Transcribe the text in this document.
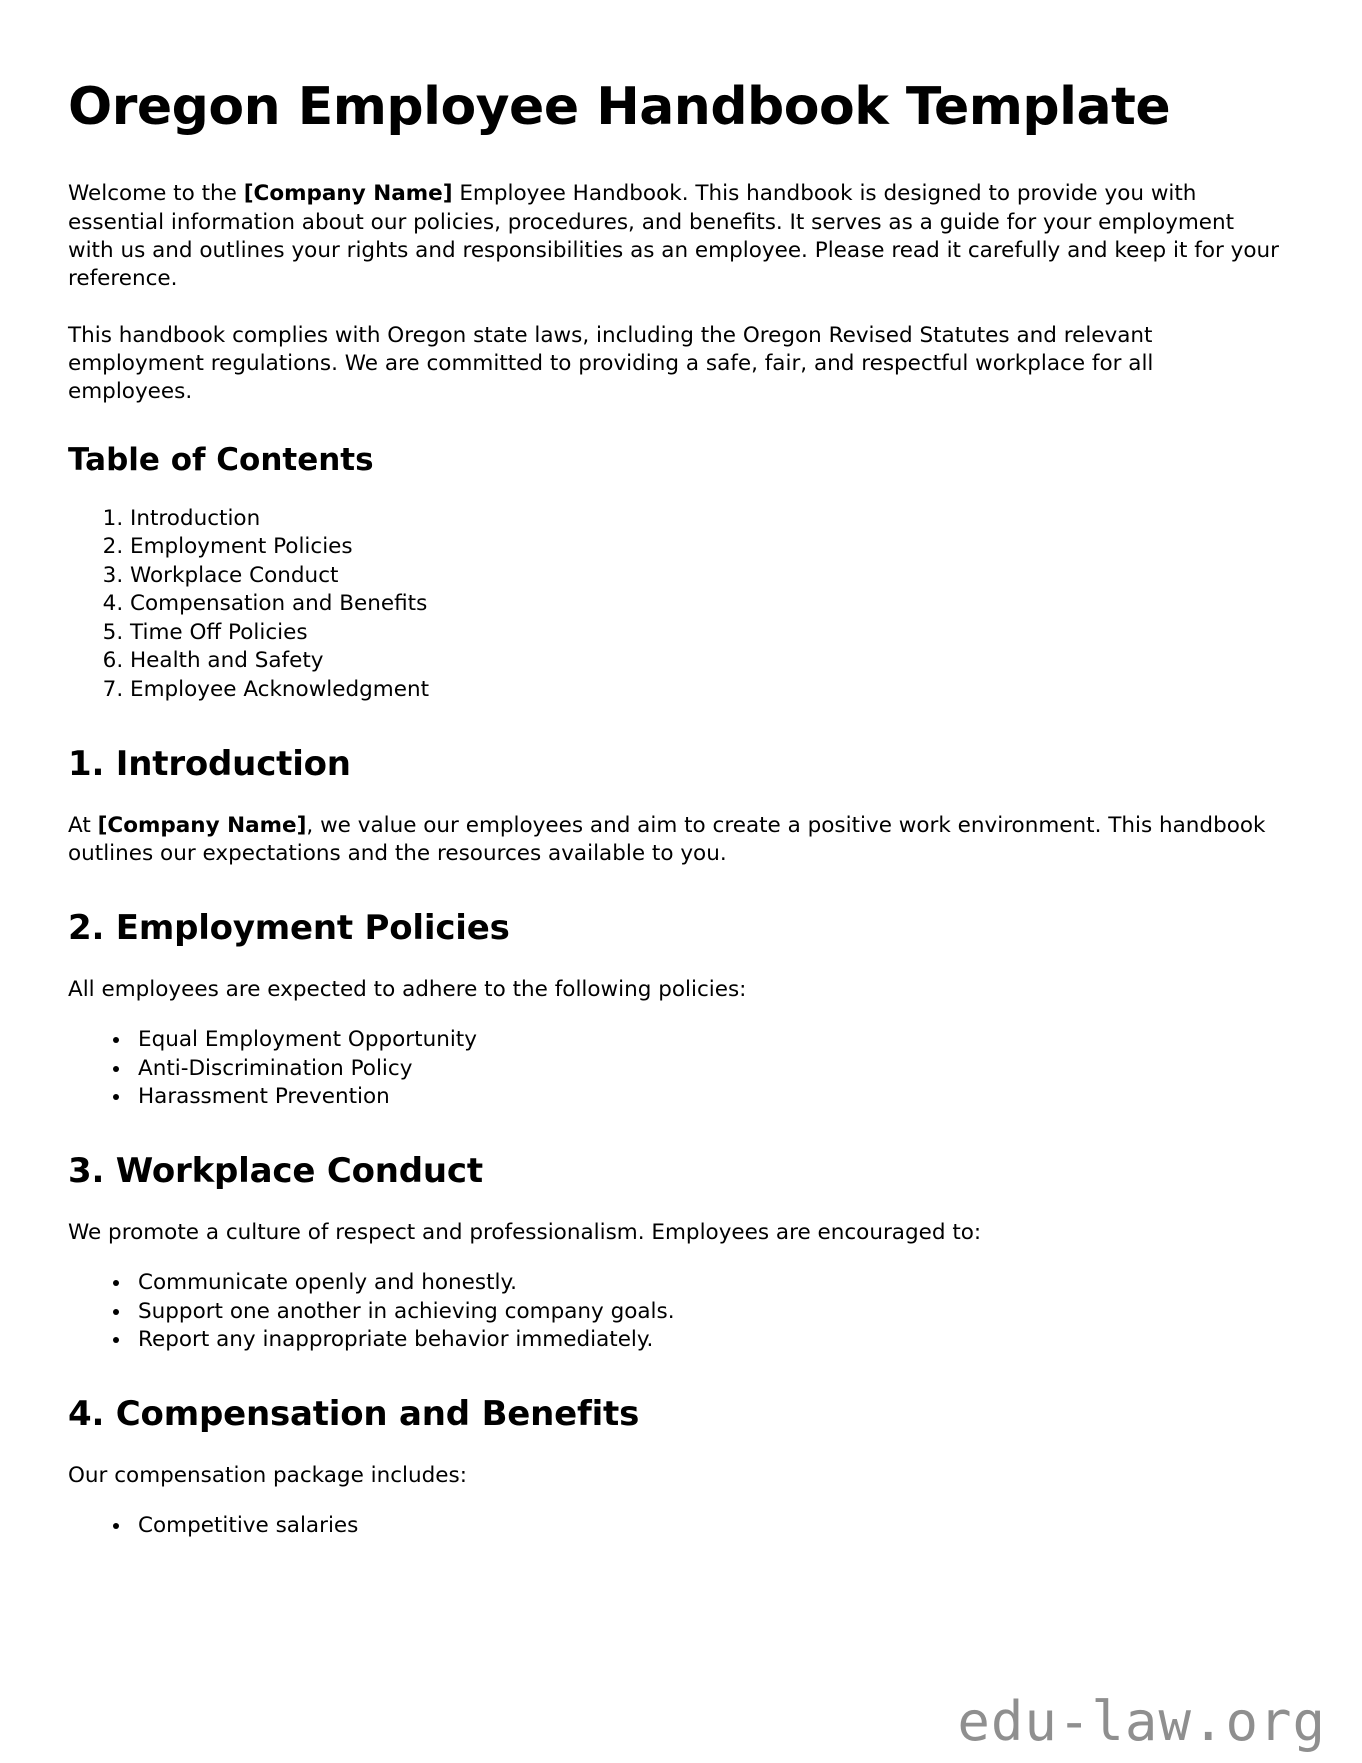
Oregon Employee Handbook Template

Welcome to the [Company Name] Employee Handbook. This handbook is designed to provide you with essential information about our policies, procedures, and benefits. It serves as a guide for your employment with us and outlines your rights and responsibilities as an employee. Please read it carefully and keep it for your reference.

This handbook complies with Oregon state laws, including the Oregon Revised Statutes and relevant employment regulations. We are committed to providing a safe, fair, and respectful workplace for all employees.

Table of Contents
1. Introduction
2. Employment Policies
3. Workplace Conduct
4. Compensation and Benefits
5. Time Off Policies
6. Health and Safety
7. Employee Acknowledgment
1. Introduction

At [Company Name], we value our employees and aim to create a positive work environment. This handbook outlines our expectations and the resources available to you.

2. Employment Policies

All employees are expected to adhere to the following policies:

• Equal Employment Opportunity
• Anti-Discrimination Policy
• Harassment Prevention
3. Workplace Conduct

We promote a culture of respect and professionalism. Employees are encouraged to:

• Communicate openly and honestly.
• Support one another in achieving company goals.
• Report any inappropriate behavior immediately.
4. Compensation and Benefits

Our compensation package includes:

• Competitive salaries
edu-law.org
